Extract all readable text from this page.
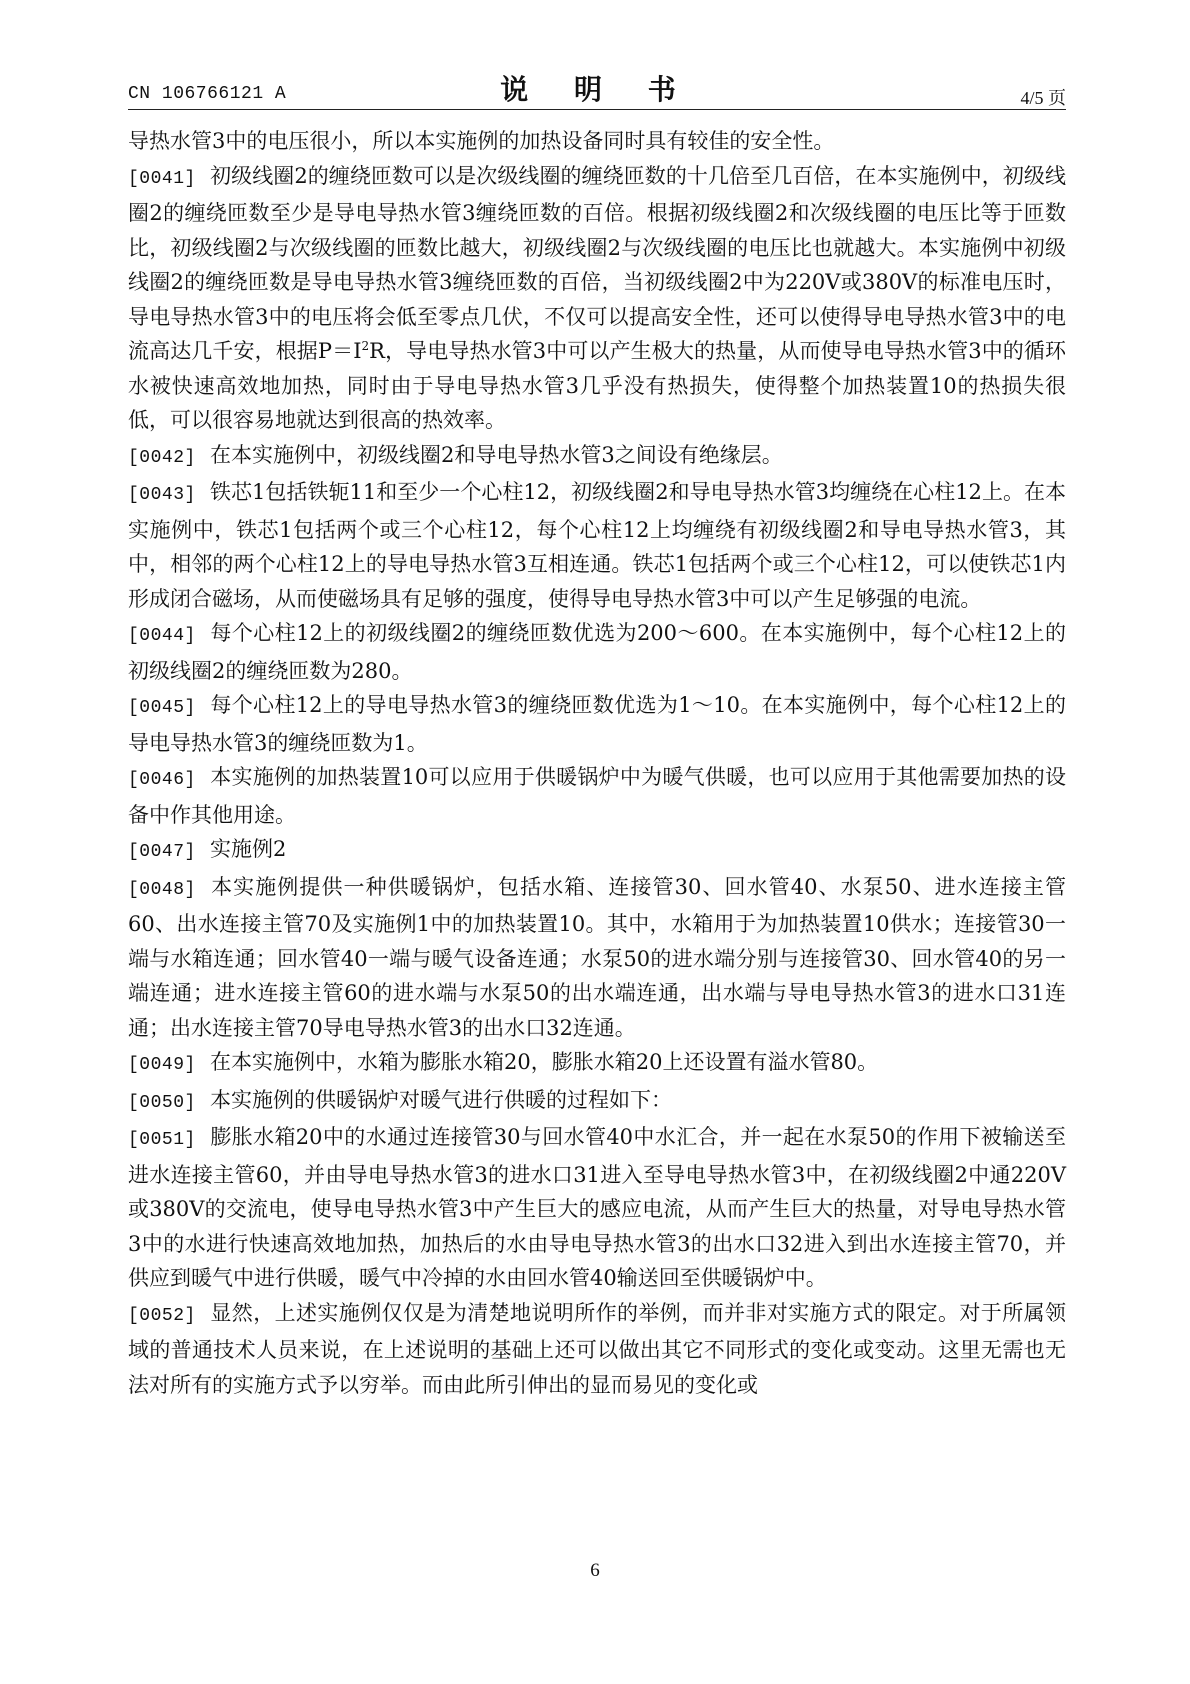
CN 106766121 A	说 明 书	4/5 页

导热水管3中的电压很小，所以本实施例的加热设备同时具有较佳的安全性。

[0041] 初级线圈2的缠绕匝数可以是次级线圈的缠绕匝数的十几倍至几百倍，在本实施例中，初级线圈2的缠绕匝数至少是导电导热水管3缠绕匝数的百倍。根据初级线圈2和次级线圈的电压比等于匝数比，初级线圈2与次级线圈的匝数比越大，初级线圈2与次级线圈的电压比也就越大。本实施例中初级线圈2的缠绕匝数是导电导热水管3缠绕匝数的百倍，当初级线圈2中为220V或380V的标准电压时，导电导热水管3中的电压将会低至零点几伏，不仅可以提高安全性，还可以使得导电导热水管3中的电流高达几千安，根据$P=I^2R$，导电导热水管3中可以产生极大的热量，从而使导电导热水管3中的循环水被快速高效地加热，同时由于导电导热水管3几乎没有热损失，使得整个加热装置10的热损失很低，可以很容易地就达到很高的热效率。

[0042] 在本实施例中，初级线圈2和导电导热水管3之间设有绝缘层。

[0043] 铁芯1包括铁轭11和至少一个心柱12，初级线圈2和导电导热水管3均缠绕在心柱12上。在本实施例中，铁芯1包括两个或三个心柱12，每个心柱12上均缠绕有初级线圈2和导电导热水管3，其中，相邻的两个心柱12上的导电导热水管3互相连通。铁芯1包括两个或三个心柱12，可以使铁芯1内形成闭合磁场，从而使磁场具有足够的强度，使得导电导热水管3中可以产生足够强的电流。

[0044] 每个心柱12上的初级线圈2的缠绕匝数优选为200～600。在本实施例中，每个心柱12上的初级线圈2的缠绕匝数为280。

[0045] 每个心柱12上的导电导热水管3的缠绕匝数优选为1～10。在本实施例中，每个心柱12上的导电导热水管3的缠绕匝数为1。

[0046] 本实施例的加热装置10可以应用于供暖锅炉中为暖气供暖，也可以应用于其他需要加热的设备中作其他用途。

[0047] 实施例2

[0048] 本实施例提供一种供暖锅炉，包括水箱、连接管30、回水管40、水泵50、进水连接主管60、出水连接主管70及实施例1中的加热装置10。其中，水箱用于为加热装置10供水；连接管30一端与水箱连通；回水管40一端与暖气设备连通；水泵50的进水端分别与连接管30、回水管40的另一端连通；进水连接主管60的进水端与水泵50的出水端连通，出水端与导电导热水管3的进水口31连通；出水连接主管70导电导热水管3的出水口32连通。

[0049] 在本实施例中，水箱为膨胀水箱20，膨胀水箱20上还设置有溢水管80。

[0050] 本实施例的供暖锅炉对暖气进行供暖的过程如下：

[0051] 膨胀水箱20中的水通过连接管30与回水管40中水汇合，并一起在水泵50的作用下被输送至进水连接主管60，并由导电导热水管3的进水口31进入至导电导热水管3中，在初级线圈2中通220V或380V的交流电，使导电导热水管3中产生巨大的感应电流，从而产生巨大的热量，对导电导热水管3中的水进行快速高效地加热，加热后的水由导电导热水管3的出水口32进入到出水连接主管70，并供应到暖气中进行供暖，暖气中冷掉的水由回水管40输送回至供暖锅炉中。

[0052] 显然，上述实施例仅仅是为清楚地说明所作的举例，而并非对实施方式的限定。对于所属领域的普通技术人员来说，在上述说明的基础上还可以做出其它不同形式的变化或变动。这里无需也无法对所有的实施方式予以穷举。而由此所引伸出的显而易见的变化或

6
